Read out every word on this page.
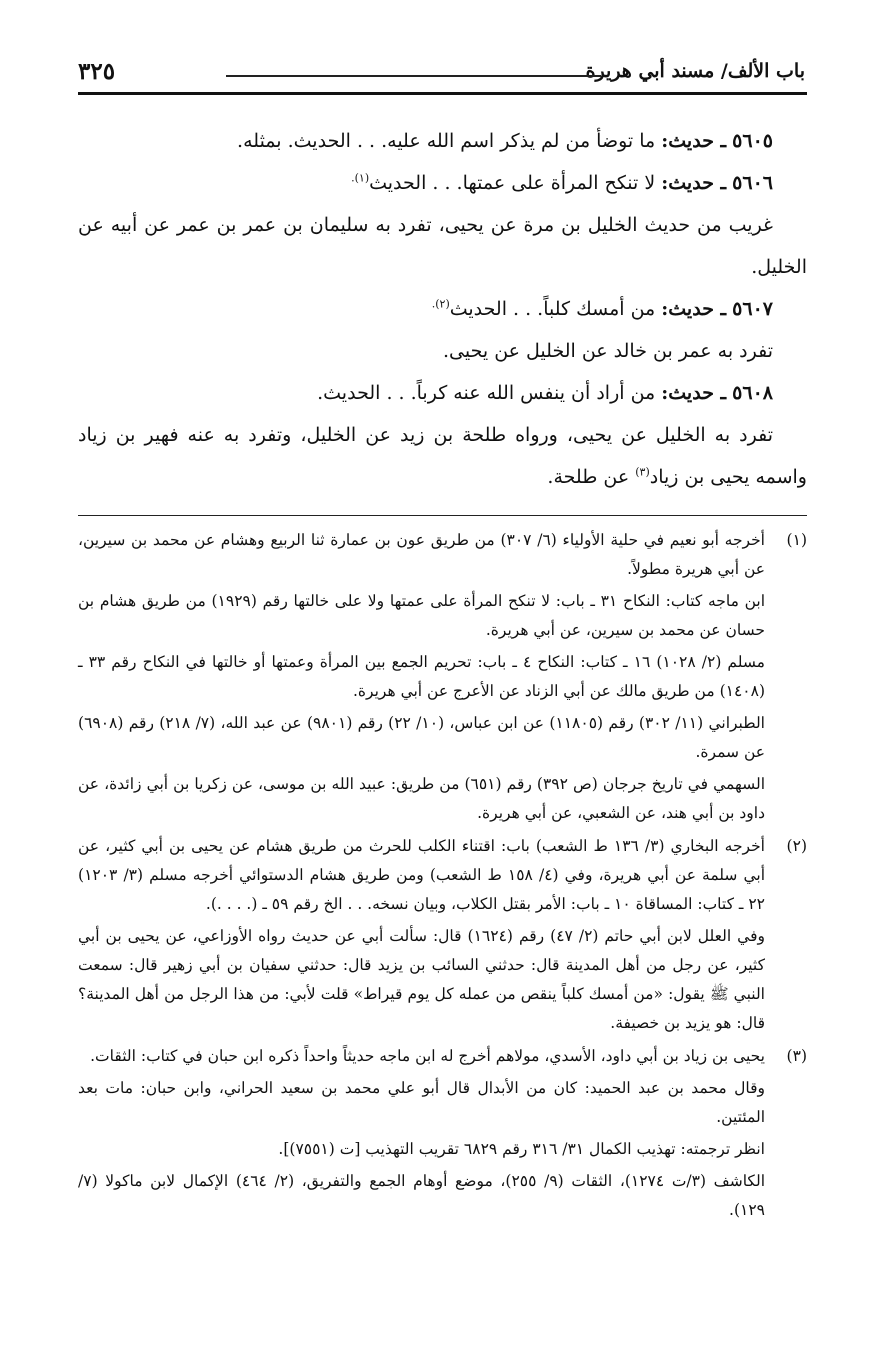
باب الألف/ مسند أبي هريرة
٣٢٥

٥٦٠٥ ـ حديث: ما توضأ من لم يذكر اسم الله عليه. . . الحديث. بمثله.

٥٦٠٦ ـ حديث: لا تنكح المرأة على عمتها. . . الحديث$^{(١).}$

غريب من حديث الخليل بن مرة عن يحيى، تفرد به سليمان بن عمر بن عمر عن أبيه عن الخليل.

٥٦٠٧ ـ حديث: من أمسك كلباً. . . الحديث$^{(٢).}$

تفرد به عمر بن خالد عن الخليل عن يحيى.

٥٦٠٨ ـ حديث: من أراد أن ينفس الله عنه كرباً. . . الحديث.

تفرد به الخليل عن يحيى، ورواه طلحة بن زيد عن الخليل، وتفرد به عنه فهير بن زياد واسمه يحيى بن زياد$^{(٣)}$ عن طلحة.

(١)

أخرجه أبو نعيم في حلية الأولياء (٦/ ٣٠٧) من طريق عون بن عمارة ثنا الربيع وهشام عن محمد بن سيرين، عن أبي هريرة مطولاً.

ابن ماجه كتاب: النكاح ٣١ ـ باب: لا تنكح المرأة على عمتها ولا على خالتها رقم (١٩٢٩) من طريق هشام بن حسان عن محمد بن سيرين، عن أبي هريرة.

مسلم (٢/ ١٠٢٨) ١٦ ـ كتاب: النكاح ٤ ـ باب: تحريم الجمع بين المرأة وعمتها أو خالتها في النكاح رقم ٣٣ ـ (١٤٠٨) من طريق مالك عن أبي الزناد عن الأعرج عن أبي هريرة.

الطبراني (١١/ ٣٠٢) رقم (١١٨٠٥) عن ابن عباس، (١٠/ ٢٢) رقم (٩٨٠١) عن عبد الله، (٧/ ٢١٨) رقم (٦٩٠٨) عن سمرة.

السهمي في تاريخ جرجان (ص ٣٩٢) رقم (٦٥١) من طريق: عبيد الله بن موسى، عن زكريا بن أبي زائدة، عن داود بن أبي هند، عن الشعبي، عن أبي هريرة.

(٢)

أخرجه البخاري (٣/ ١٣٦ ط الشعب) باب: اقتناء الكلب للحرث من طريق هشام عن يحيى بن أبي كثير، عن أبي سلمة عن أبي هريرة، وفي (٤/ ١٥٨ ط الشعب) ومن طريق هشام الدستوائي أخرجه مسلم (٣/ ١٢٠٣) ٢٢ ـ كتاب: المساقاة ١٠ ـ باب: الأمر بقتل الكلاب، وبيان نسخه. . . الخ رقم ٥٩ ـ (. . . .).

وفي العلل لابن أبي حاتم (٢/ ٤٧) رقم (١٦٢٤) قال: سألت أبي عن حديث رواه الأوزاعي، عن يحيى بن أبي كثير، عن رجل من أهل المدينة قال: حدثني السائب بن يزيد قال: حدثني سفيان بن أبي زهير قال: سمعت النبي ﷺ يقول: «من أمسك كلباً ينقص من عمله كل يوم قيراط» قلت لأبي: من هذا الرجل من أهل المدينة؟ قال: هو يزيد بن خصيفة.

(٣)

يحيى بن زياد بن أبي داود، الأسدي، مولاهم أخرج له ابن ماجه حديثاً واحداً ذكره ابن حبان في كتاب: الثقات.

وقال محمد بن عبد الحميد: كان من الأبدال قال أبو علي محمد بن سعيد الحراني، وابن حبان: مات بعد المئتين.

انظر ترجمته: تهذيب الكمال ٣١/ ٣١٦ رقم ٦٨٢٩ تقريب التهذيب [ت (٧٥٥١)].

الكاشف (٣/ت ١٢٧٤)، الثقات (٩/ ٢٥٥)، موضع أوهام الجمع والتفريق، (٢/ ٤٦٤) الإكمال لابن ماكولا (٧/ ١٢٩).
